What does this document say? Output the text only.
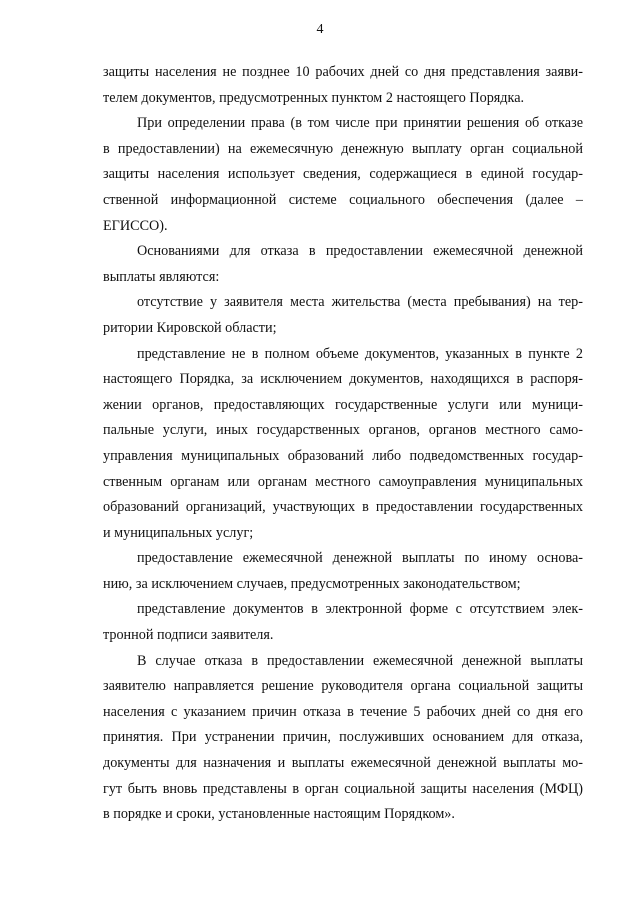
4
защиты населения не позднее 10 рабочих дней со дня представления заяви-
телем документов, предусмотренных пунктом 2 настоящего Порядка.
При определении права (в том числе при принятии решения об отказе
в предоставлении) на ежемесячную денежную выплату орган социальной
защиты населения использует сведения, содержащиеся в единой государ-
ственной информационной системе социального обеспечения (далее –
ЕГИССО).
Основаниями для отказа в предоставлении ежемесячной денежной
выплаты являются:
отсутствие у заявителя места жительства (места пребывания) на тер-
ритории Кировской области;
представление не в полном объеме документов, указанных в пункте 2
настоящего Порядка, за исключением документов, находящихся в распоря-
жении органов, предоставляющих государственные услуги или муници-
пальные услуги, иных государственных органов, органов местного само-
управления муниципальных образований либо подведомственных государ-
ственным органам или органам местного самоуправления муниципальных
образований организаций, участвующих в предоставлении государственных
и муниципальных услуг;
предоставление ежемесячной денежной выплаты по иному основа-
нию, за исключением случаев, предусмотренных законодательством;
представление документов в электронной форме с отсутствием элек-
тронной подписи заявителя.
В случае отказа в предоставлении ежемесячной денежной выплаты
заявителю направляется решение руководителя органа социальной защиты
населения с указанием причин отказа в течение 5 рабочих дней со дня его
принятия. При устранении причин, послуживших основанием для отказа,
документы для назначения и выплаты ежемесячной денежной выплаты мо-
гут быть вновь представлены в орган социальной защиты населения (МФЦ)
в порядке и сроки, установленные настоящим Порядком».
